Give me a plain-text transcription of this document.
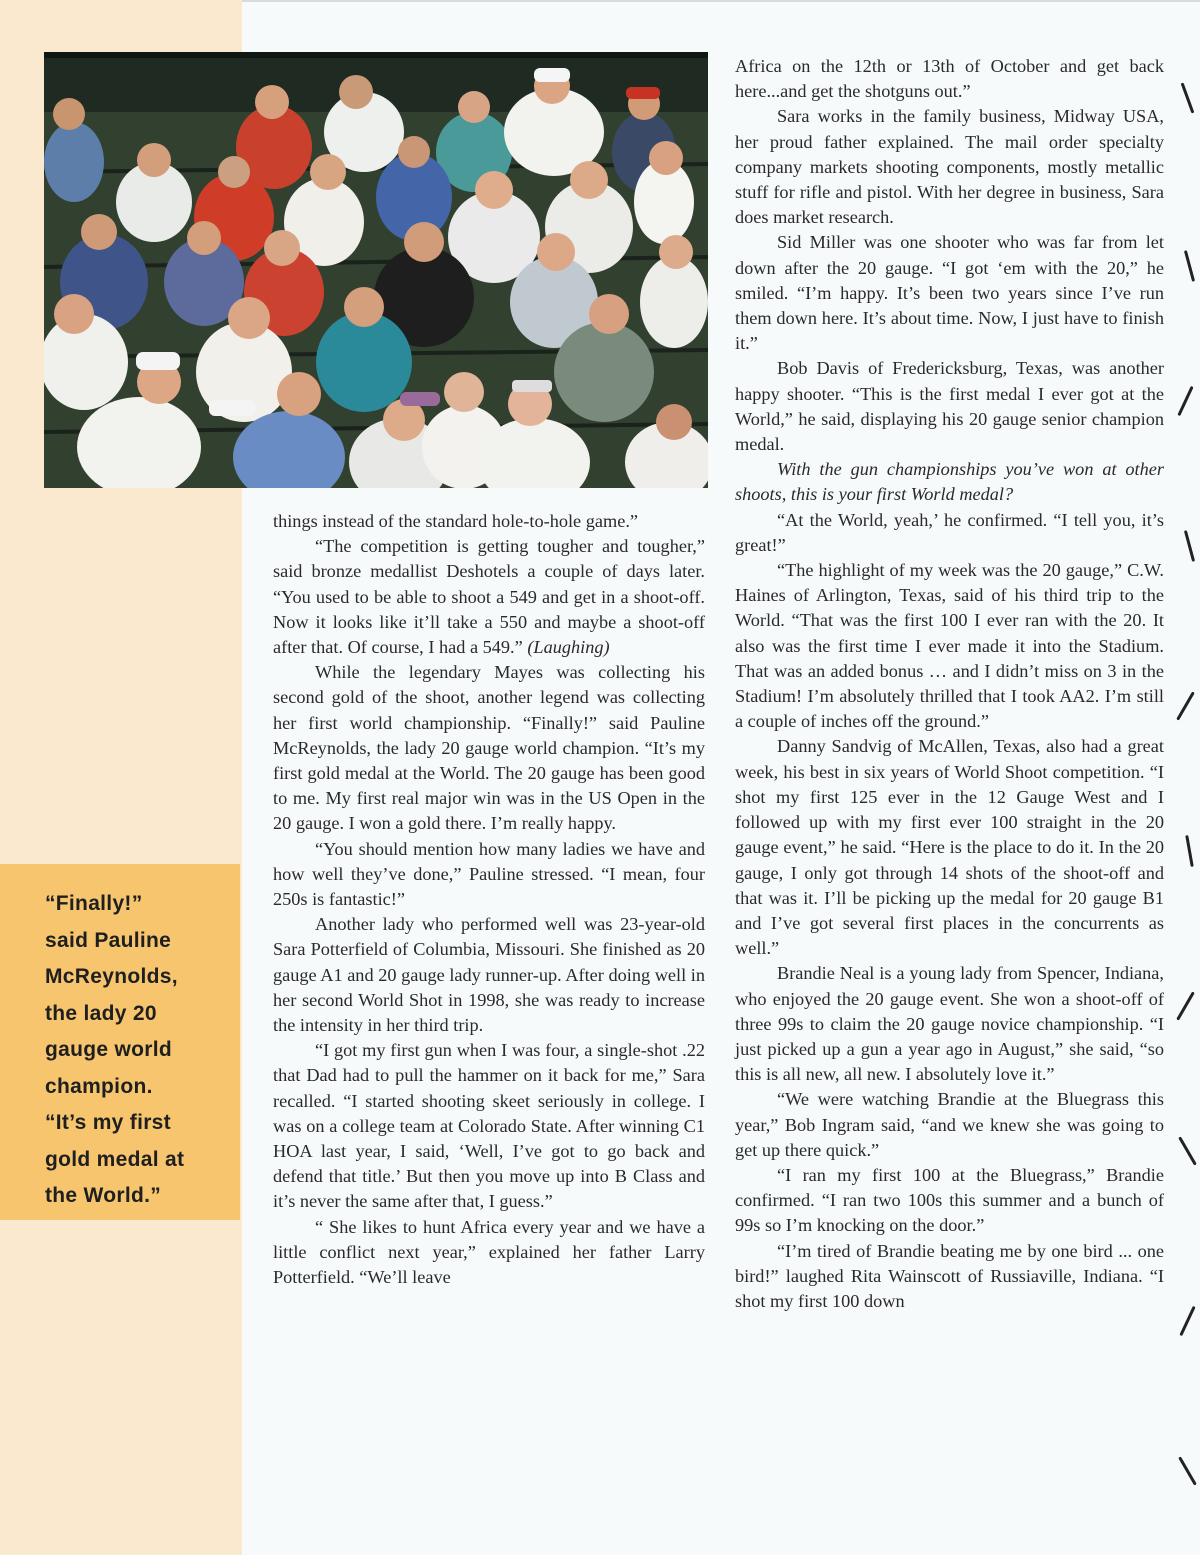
“Finally!”
said Pauline
McReynolds,
the lady 20
gauge world
champion.
“It’s my first
gold medal at
the World.”

things instead of the standard hole-to-hole game.”

“The competition is getting tougher and tougher,” said bronze medallist Deshotels a couple of days later. “You used to be able to shoot a 549 and get in a shoot-off. Now it looks like it’ll take a 550 and maybe a shoot-off after that. Of course, I had a 549.” (Laughing)

While the legendary Mayes was collecting his second gold of the shoot, another legend was collecting her first world championship. “Finally!” said Pauline McReynolds, the lady 20 gauge world champion. “It’s my first gold medal at the World. The 20 gauge has been good to me. My first real major win was in the US Open in the 20 gauge. I won a gold there. I’m really happy.

“You should mention how many ladies we have and how well they’ve done,” Pauline stressed. “I mean, four 250s is fantastic!”

Another lady who performed well was 23-year-old Sara Potterfield of Columbia, Missouri. She finished as 20 gauge A1 and 20 gauge lady runner-up. After doing well in her second World Shot in 1998, she was ready to increase the intensity in her third trip.

“I got my first gun when I was four, a single-shot .22 that Dad had to pull the hammer on it back for me,” Sara recalled. “I started shooting skeet seriously in college. I was on a college team at Colorado State. After winning C1 HOA last year, I said, ‘Well, I’ve got to go back and defend that title.’ But then you move up into B Class and it’s never the same after that, I guess.”

“ She likes to hunt Africa every year and we have a little conflict next year,” explained her father Larry Potterfield. “We’ll leave

Africa on the 12th or 13th of October and get back here...and get the shotguns out.”

Sara works in the family business, Midway USA, her proud father explained. The mail order specialty company markets shooting components, mostly metallic stuff for rifle and pistol. With her degree in business, Sara does market research.

Sid Miller was one shooter who was far from let down after the 20 gauge. “I got ‘em with the 20,” he smiled. “I’m happy. It’s been two years since I’ve run them down here. It’s about time. Now, I just have to finish it.”

Bob Davis of Fredericksburg, Texas, was another happy shooter. “This is the first medal I ever got at the World,” he said, displaying his 20 gauge senior champion medal.

With the gun championships you’ve won at other shoots, this is your first World medal?

“At the World, yeah,’ he confirmed. “I tell you, it’s great!”

“The highlight of my week was the 20 gauge,” C.W. Haines of Arlington, Texas, said of his third trip to the World. “That was the first 100 I ever ran with the 20. It also was the first time I ever made it into the Stadium. That was an added bonus … and I didn’t miss on 3 in the Stadium! I’m absolutely thrilled that I took AA2. I’m still a couple of inches off the ground.”

Danny Sandvig of McAllen, Texas, also had a great week, his best in six years of World Shoot competition. “I shot my first 125 ever in the 12 Gauge West and I followed up with my first ever 100 straight in the 20 gauge event,” he said. “Here is the place to do it. In the 20 gauge, I only got through 14 shots of the shoot-off and that was it. I’ll be picking up the medal for 20 gauge B1 and I’ve got several first places in the concurrents as well.”

Brandie Neal is a young lady from Spencer, Indiana, who enjoyed the 20 gauge event. She won a shoot-off of three 99s to claim the 20 gauge novice championship. “I just picked up a gun a year ago in August,” she said, “so this is all new, all new. I absolutely love it.”

“We were watching Brandie at the Bluegrass this year,” Bob Ingram said, “and we knew she was going to get up there quick.”

“I ran my first 100 at the Bluegrass,” Brandie confirmed. “I ran two 100s this summer and a bunch of 99s so I’m knocking on the door.”

“I’m tired of Brandie beating me by one bird ... one bird!” laughed Rita Wainscott of Russiaville, Indiana. “I shot my first 100 down
